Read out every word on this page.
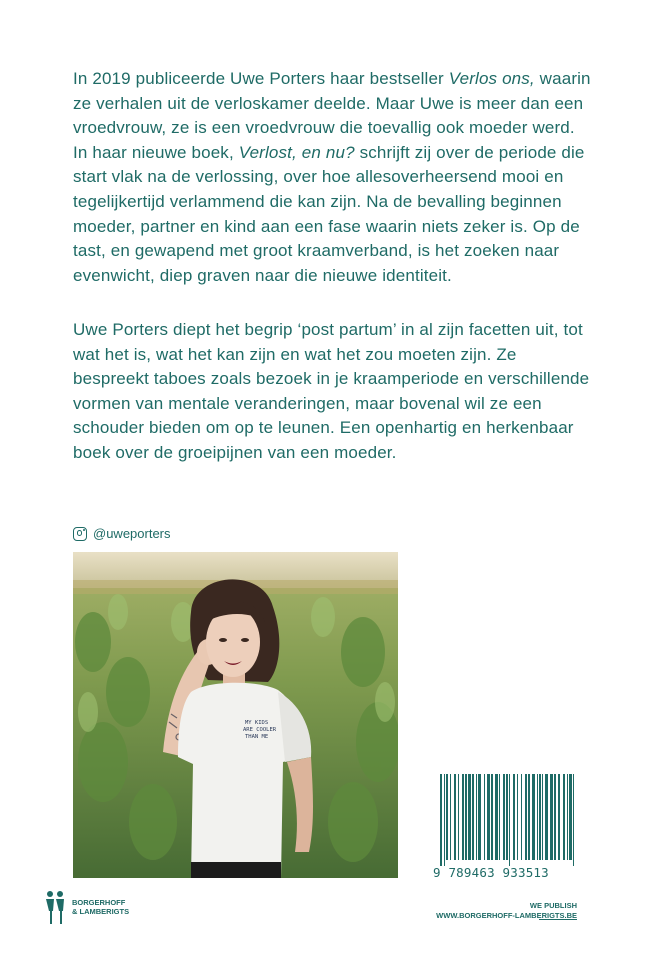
In 2019 publiceerde Uwe Porters haar bestseller Verlos ons, waarin ze verhalen uit de verloskamer deelde. Maar Uwe is meer dan een vroedvrouw, ze is een vroedvrouw die toevallig ook moeder werd. In haar nieuwe boek, Verlost, en nu? schrijft zij over de periode die start vlak na de verlossing, over hoe allesoverheersend mooi en tegelijkertijd verlammend die kan zijn. Na de bevalling beginnen moeder, partner en kind aan een fase waarin niets zeker is. Op de tast, en gewapend met groot kraamverband, is het zoeken naar evenwicht, diep graven naar die nieuwe identiteit.
Uwe Porters diept het begrip ‘post partum’ in al zijn facetten uit, tot wat het is, wat het kan zijn en wat het zou moeten zijn. Ze bespreekt taboes zoals bezoek in je kraamperiode en verschillende vormen van mentale veranderingen, maar bovenal wil ze een schouder bieden om op te leunen. Een openhartig en herkenbaar boek over de groeipijnen van een moeder.
@uweporters
MY KIDS
ARE COOLER
THAN ME
9 789463 933513
BORGERHOFF
& LAMBERIGTS
WE PUBLISH
WWW.BORGERHOFF-LAMBERIGTS.BE
